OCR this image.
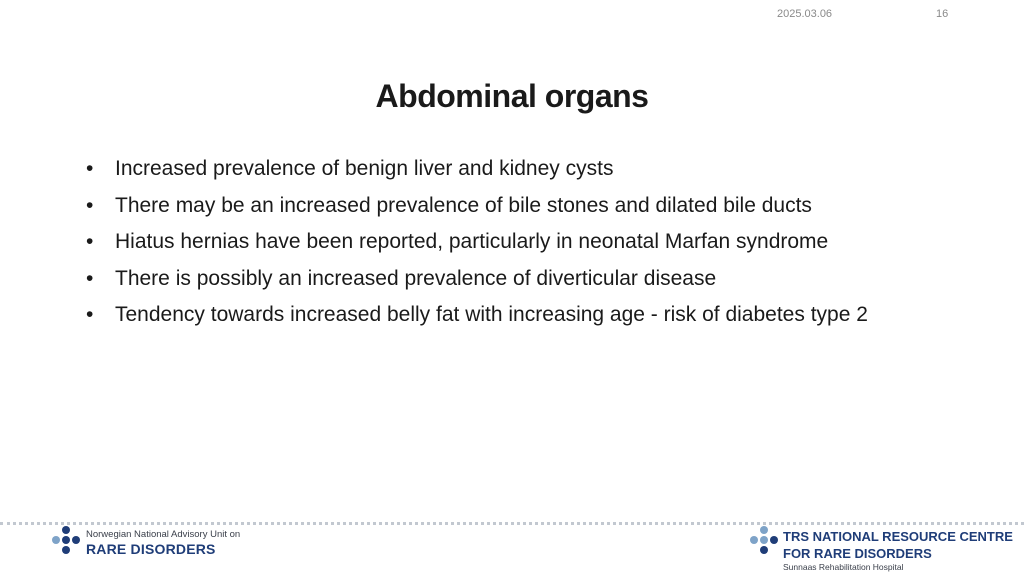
2025.03.06	16
Abdominal organs
• Increased prevalence of benign liver and kidney cysts
• There may be an increased prevalence of bile stones and dilated bile ducts
• Hiatus hernias have been reported, particularly in neonatal Marfan syndrome
• There is possibly an increased prevalence of diverticular disease
• Tendency towards increased belly fat with increasing age - risk of diabetes type 2
Norwegian National Advisory Unit on
RARE DISORDERS
TRS NATIONAL RESOURCE CENTRE
FOR RARE DISORDERS
Sunnaas Rehabilitation Hospital
